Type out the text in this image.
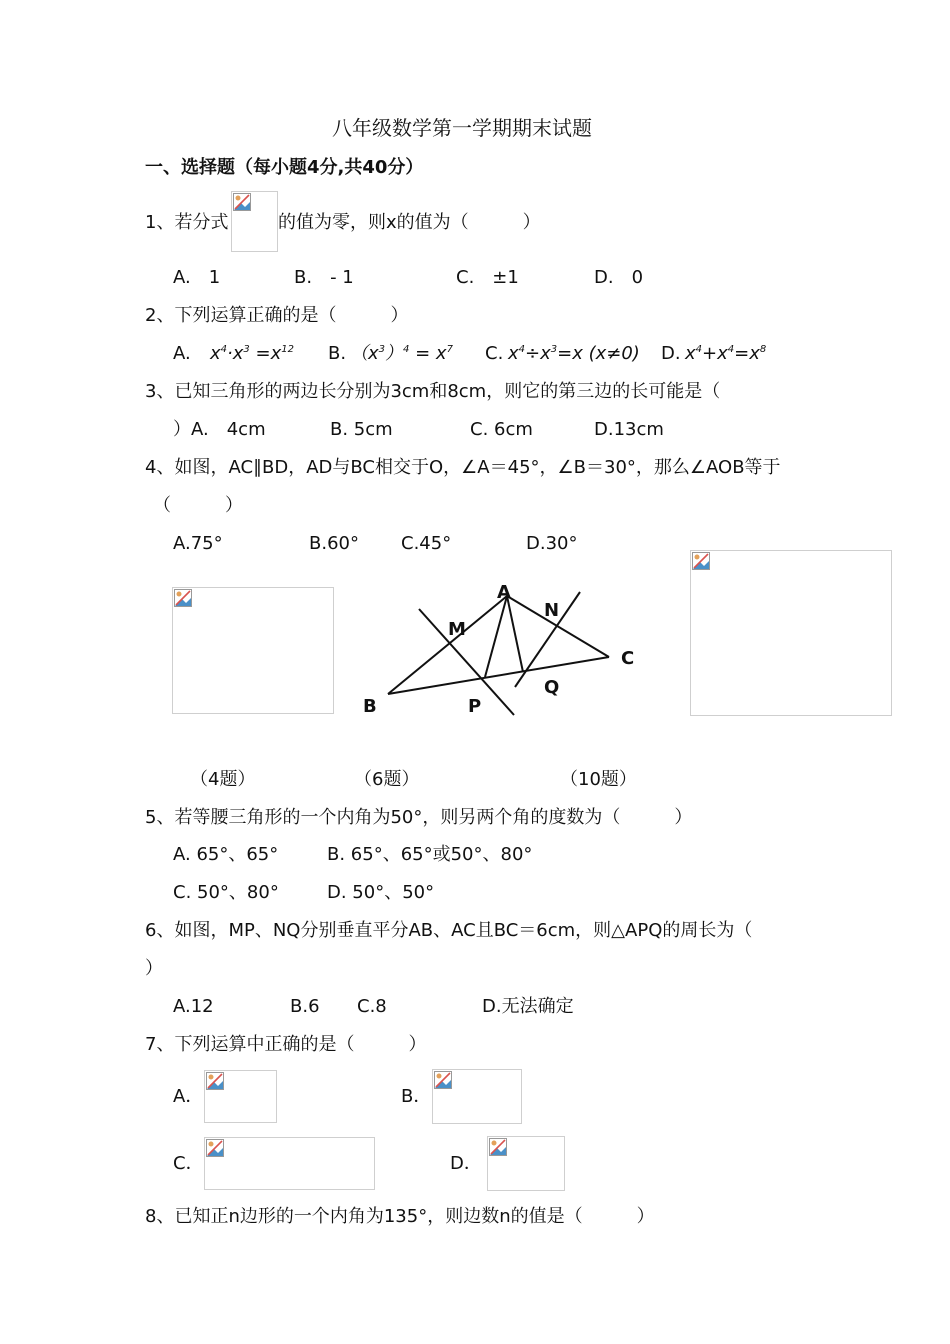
八年级数学第一学期期末试题
一、选择题（每小题4分,共40分）
1、若分式	的值为零，则x的值为（　　　）
A.　1	B.　- 1	C.　±1	D.　0
2、下列运算正确的是（　　　）
A. $x^4\cdot x^3 =x^{12}$ B. $(x^3)^4 = x^7$ C. $x^4\div x^3=x$ (x≠0) D. $x^4+x^4=x^8$
3、已知三角形的两边长分别为3cm和8cm，则它的第三边的长可能是（
）A.　4cm	B. 5cm	C. 6cm	D.13cm
4、如图，AC∥BD，AD与BC相交于O，∠A＝45°，∠B＝30°，那么∠AOB等于
（　　　）
A.75°	B.60° C.45°	D.30°
A
N
M
C
Q
B	P
（4题）	（6题）	（10题）
5、若等腰三角形的一个内角为50°，则另两个角的度数为（　　　）
A. 65°、65°	B. 65°、65°或50°、80°
C. 50°、80°	D. 50°、50°
6、如图，MP、NQ分别垂直平分AB、AC且BC＝6cm，则△APQ的周长为（
）
A.12	B.6 C.8	D.无法确定
7、下列运算中正确的是（　　　）
A．	B．
C．	D．
8、已知正n边形的一个内角为135°，则边数n的值是（　　　）
